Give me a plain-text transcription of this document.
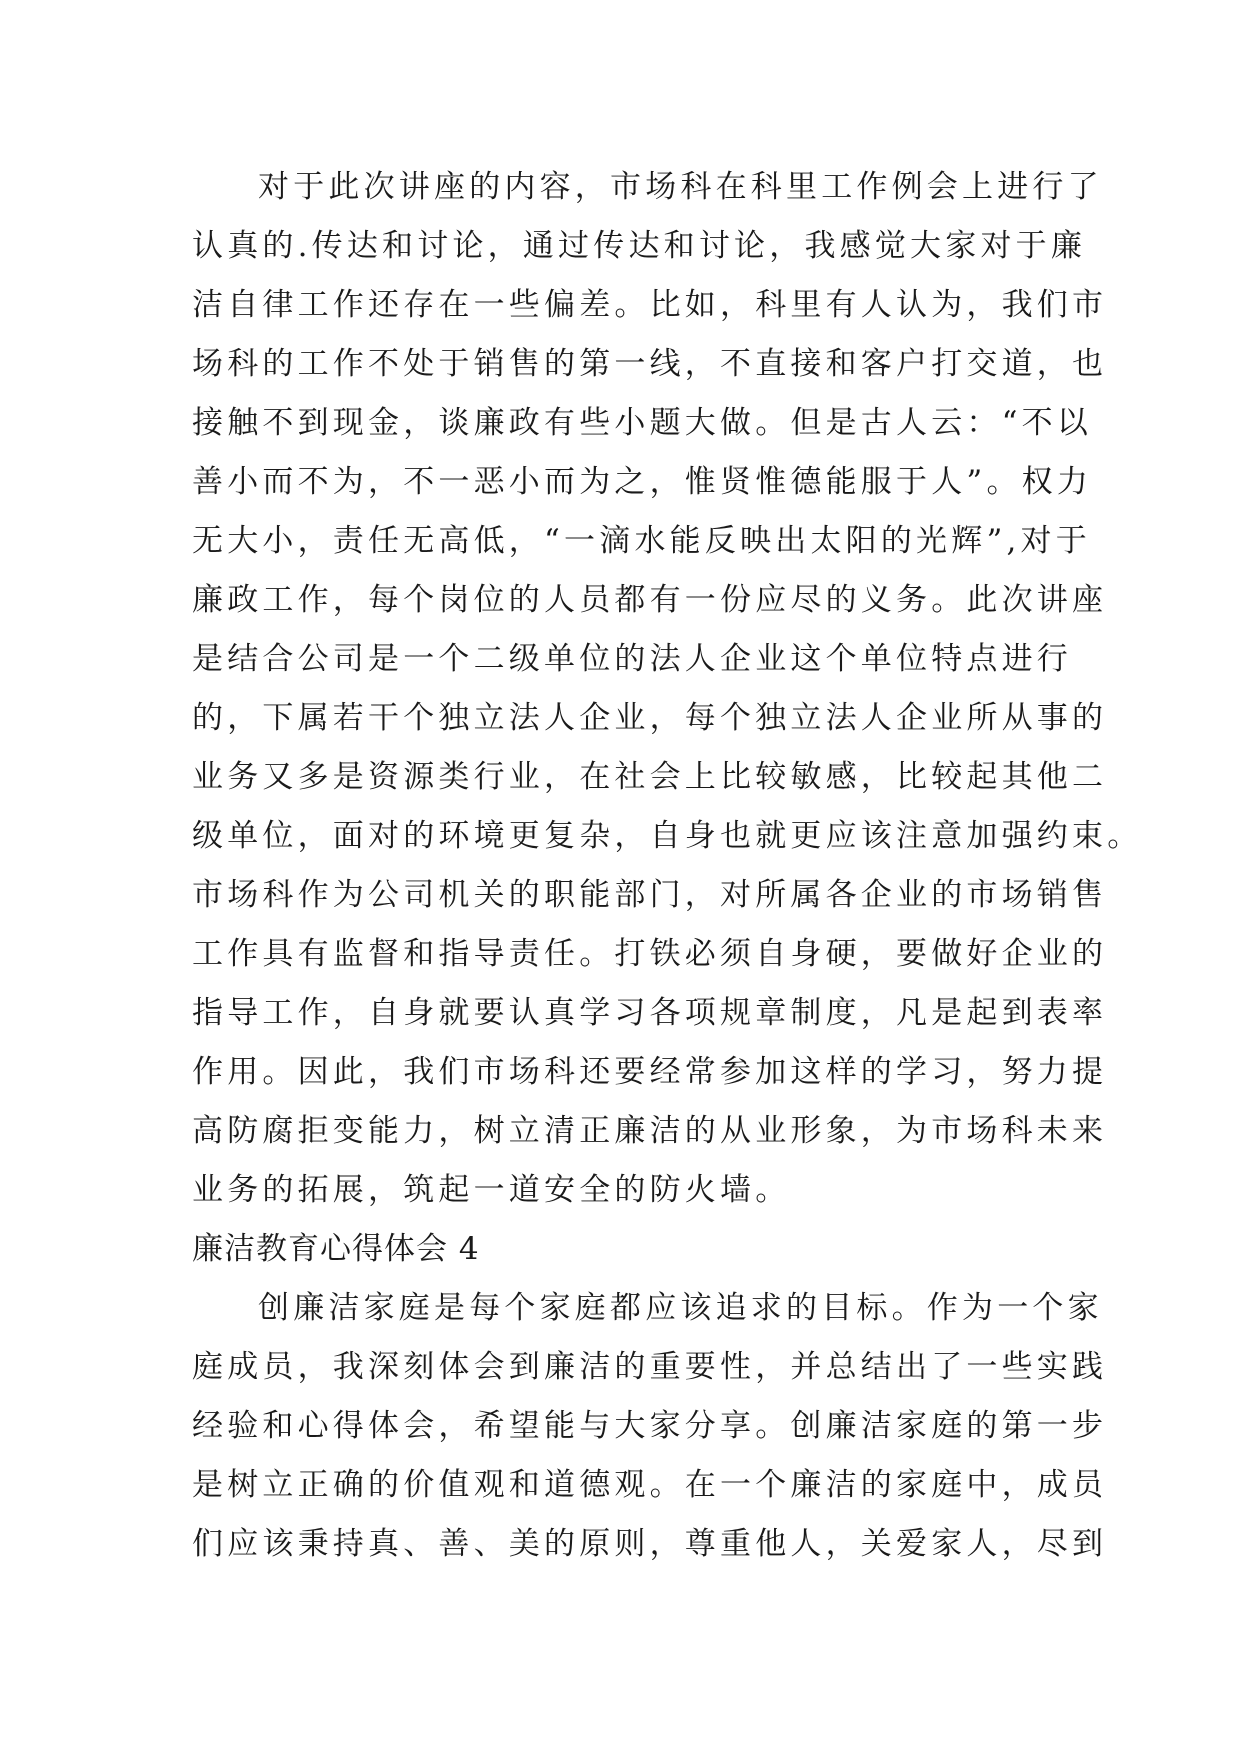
对于此次讲座的内容，市场科在科里工作例会上进行了
认真的.传达和讨论，通过传达和讨论，我感觉大家对于廉
洁自律工作还存在一些偏差。比如，科里有人认为，我们市
场科的工作不处于销售的第一线，不直接和客户打交道，也
接触不到现金，谈廉政有些小题大做。但是古人云：“不以
善小而不为，不一恶小而为之，惟贤惟德能服于人”。权力
无大小，责任无高低，“一滴水能反映出太阳的光辉”,对于
廉政工作，每个岗位的人员都有一份应尽的义务。此次讲座
是结合公司是一个二级单位的法人企业这个单位特点进行
的，下属若干个独立法人企业，每个独立法人企业所从事的
业务又多是资源类行业，在社会上比较敏感，比较起其他二
级单位，面对的环境更复杂，自身也就更应该注意加强约束。
市场科作为公司机关的职能部门，对所属各企业的市场销售
工作具有监督和指导责任。打铁必须自身硬，要做好企业的
指导工作，自身就要认真学习各项规章制度，凡是起到表率
作用。因此，我们市场科还要经常参加这样的学习，努力提
高防腐拒变能力，树立清正廉洁的从业形象，为市场科未来
业务的拓展，筑起一道安全的防火墙。
廉洁教育心得体会 4
创廉洁家庭是每个家庭都应该追求的目标。作为一个家
庭成员，我深刻体会到廉洁的重要性，并总结出了一些实践
经验和心得体会，希望能与大家分享。创廉洁家庭的第一步
是树立正确的价值观和道德观。在一个廉洁的家庭中，成员
们应该秉持真、善、美的原则，尊重他人，关爱家人，尽到
